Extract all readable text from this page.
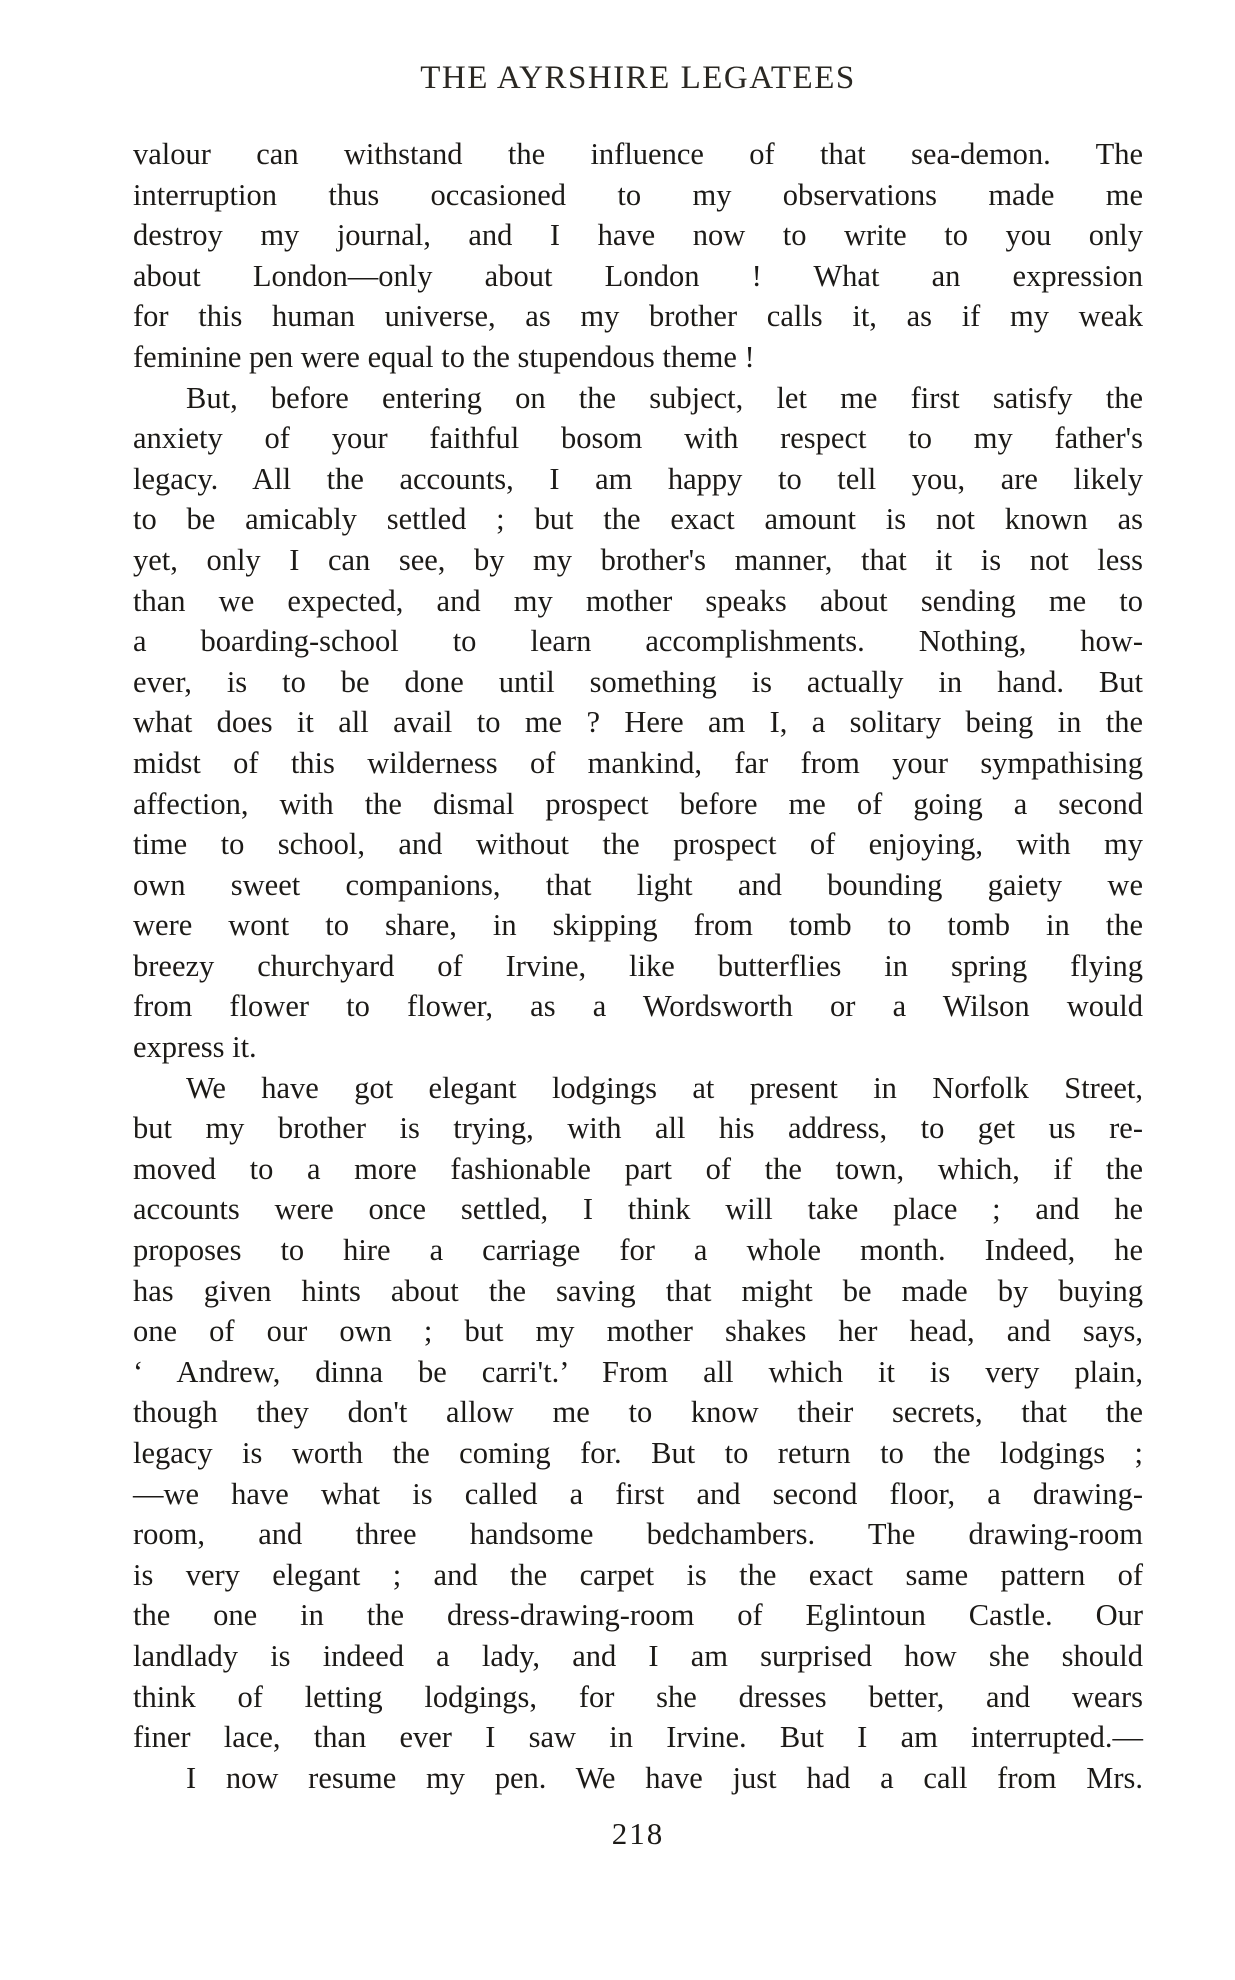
THE AYRSHIRE LEGATEES
valour can withstand the influence of that sea-demon. The
interruption thus occasioned to my observations made me
destroy my journal, and I have now to write to you only
about London—only about London ! What an expression
for this human universe, as my brother calls it, as if my weak
feminine pen were equal to the stupendous theme !
But, before entering on the subject, let me first satisfy the
anxiety of your faithful bosom with respect to my father's
legacy. All the accounts, I am happy to tell you, are likely
to be amicably settled ; but the exact amount is not known as
yet, only I can see, by my brother's manner, that it is not less
than we expected, and my mother speaks about sending me to
a boarding-school to learn accomplishments. Nothing, how-
ever, is to be done until something is actually in hand. But
what does it all avail to me ? Here am I, a solitary being in the
midst of this wilderness of mankind, far from your sympathising
affection, with the dismal prospect before me of going a second
time to school, and without the prospect of enjoying, with my
own sweet companions, that light and bounding gaiety we
were wont to share, in skipping from tomb to tomb in the
breezy churchyard of Irvine, like butterflies in spring flying
from flower to flower, as a Wordsworth or a Wilson would
express it.
We have got elegant lodgings at present in Norfolk Street,
but my brother is trying, with all his address, to get us re-
moved to a more fashionable part of the town, which, if the
accounts were once settled, I think will take place ; and he
proposes to hire a carriage for a whole month. Indeed, he
has given hints about the saving that might be made by buying
one of our own ; but my mother shakes her head, and says,
‘ Andrew, dinna be carri't.’ From all which it is very plain,
though they don't allow me to know their secrets, that the
legacy is worth the coming for. But to return to the lodgings ;
—we have what is called a first and second floor, a drawing-
room, and three handsome bedchambers. The drawing-room
is very elegant ; and the carpet is the exact same pattern of
the one in the dress-drawing-room of Eglintoun Castle. Our
landlady is indeed a lady, and I am surprised how she should
think of letting lodgings, for she dresses better, and wears
finer lace, than ever I saw in Irvine. But I am interrupted.—
I now resume my pen. We have just had a call from Mrs.
218
